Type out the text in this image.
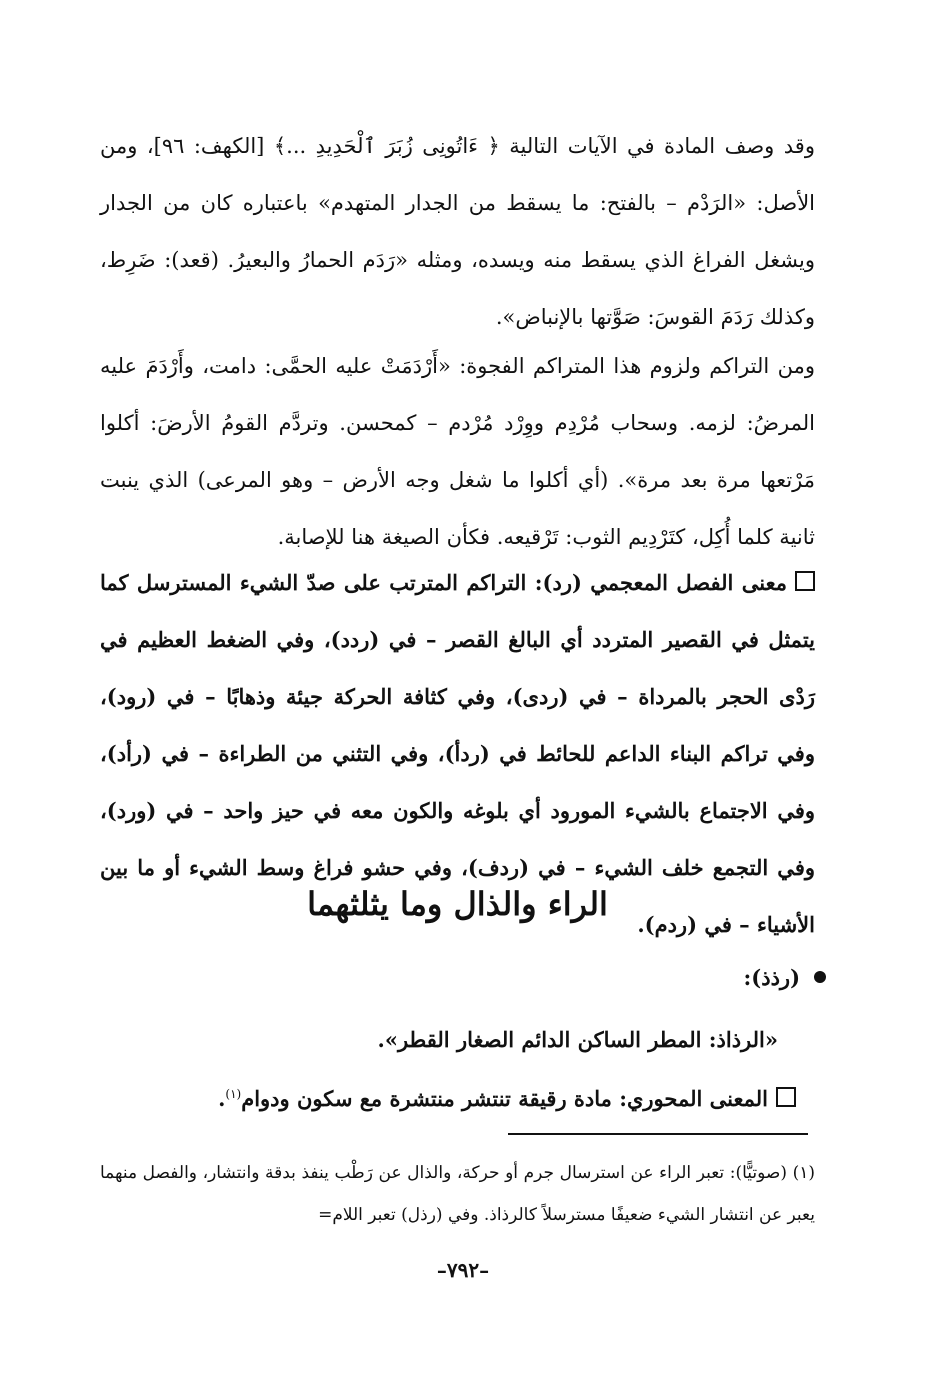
وقد وصف المادة في الآيات التالية ﴿ ءَاتُونِى زُبَرَ ٱلْحَدِيدِ ...﴾ [الكهف: ٩٦]، ومن الأصل: «الرَدْم – بالفتح: ما يسقط من الجدار المتهدم» باعتباره كان من الجدار ويشغل الفراغ الذي يسقط منه ويسده، ومثله «رَدَم الحمارُ والبعيرُ. (قعد): ضَرِط، وكذلك رَدَمَ القوسَ: صَوَّتها بالإنباض».

ومن التراكم ولزوم هذا المتراكم الفجوة: «أَرْدَمَتْ عليه الحمَّى: دامت، وأَرْدَمَ عليه المرضُ: لزمه. وسحاب مُرْدِم ووِرْد مُرْدم – كمحسن. وتردَّم القومُ الأرضَ: أكلوا مَرْتعها مرة بعد مرة». (أي أكلوا ما شغل وجه الأرض – وهو المرعى) الذي ينبت ثانية كلما أُكِل، كتَرْدِيم الثوب: تَرْقيعه. فكأن الصيغة هنا للإصابة.

معنى الفصل المعجمي (رد): التراكم المترتب على صدّ الشيء المسترسل كما يتمثل في القصير المتردد أي البالغ القصر – في (ردد)، وفي الضغط العظيم في رَدْى الحجر بالمرداة – في (ردى)، وفي كثافة الحركة جيئة وذهابًا – في (رود)، وفي تراكم البناء الداعم للحائط في (ردأ)، وفي التثني من الطراءة – في (رأد)، وفي الاجتماع بالشيء المورود أي بلوغه والكون معه في حيز واحد – في (ورد)، وفي التجمع خلف الشيء – في (ردف)، وفي حشو فراغ وسط الشيء أو ما بين الأشياء – في (ردم).

الراء والذال وما يثلثهما

(رذذ):

«الرذاذ: المطر الساكن الدائم الصغار القطر».

المعنى المحوري: مادة رقيقة تنتشر منتشرة مع سكون ودوام$^{(١)}$.

(١) (صوتيًّا): تعبر الراء عن استرسال جرم أو حركة، والذال عن رَطْب ينفذ بدقة وانتشار، والفصل منهما يعبر عن انتشار الشيء ضعيفًا مسترسلاً كالرذاذ. وفي (رذل) تعبر اللام=

–٧٩٢–
